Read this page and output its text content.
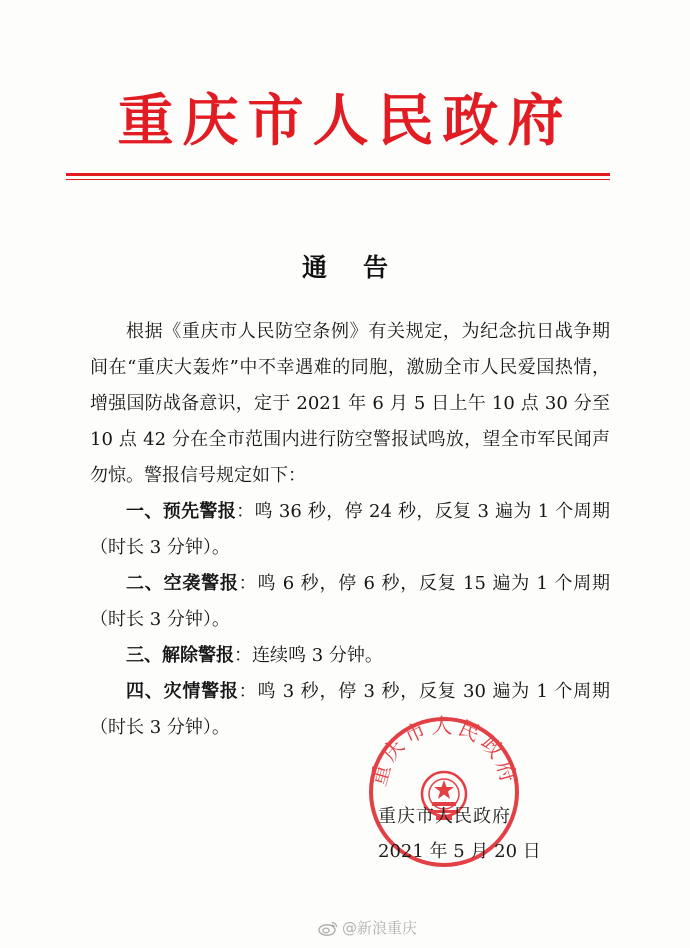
重庆市人民政府
通告

根据《重庆市人民防空条例》有关规定，为纪念抗日战争期间在“重庆大轰炸”中不幸遇难的同胞，激励全市人民爱国热情，增强国防战备意识，定于 2021 年 6 月 5 日上午 10 点 30 分至 10 点 42 分在全市范围内进行防空警报试鸣放，望全市军民闻声勿惊。警报信号规定如下：

一、预先警报：鸣 36 秒，停 24 秒，反复 3 遍为 1 个周期（时长 3 分钟）。
二、空袭警报：鸣 6 秒，停 6 秒，反复 15 遍为 1 个周期（时长 3 分钟）。
三、解除警报：连续鸣 3 分钟。
四、灾情警报：鸣 3 秒，停 3 秒，反复 30 遍为 1 个周期（时长 3 分钟）。
重庆市人民政府
重庆市人民政府
2021 年 5 月 20 日
@新浪重庆
